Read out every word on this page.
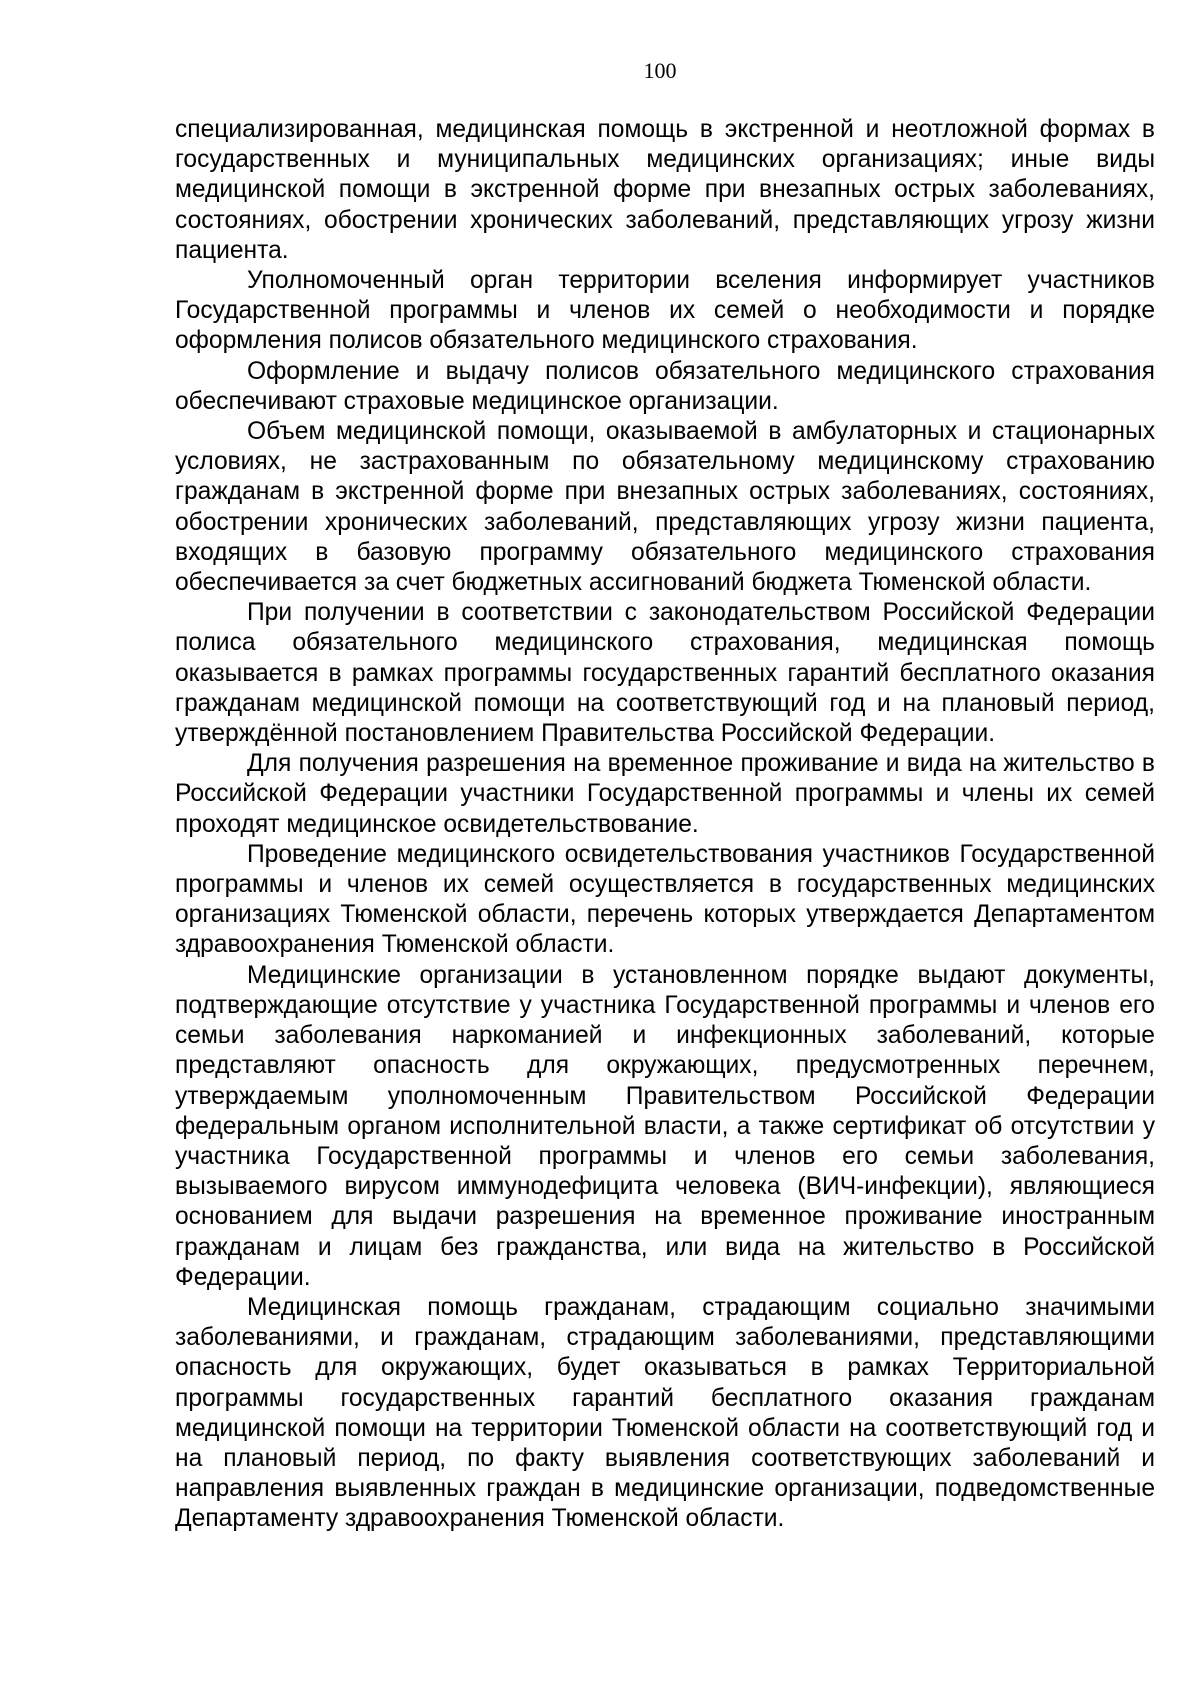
100

специализированная, медицинская помощь в экстренной и неотложной формах в государственных и муниципальных медицинских организациях; иные виды медицинской помощи в экстренной форме при внезапных острых заболеваниях, состояниях, обострении хронических заболеваний, представляющих угрозу жизни пациента.

Уполномоченный орган территории вселения информирует участников Государственной программы и членов их семей о необходимости и порядке оформления полисов обязательного медицинского страхования.

Оформление и выдачу полисов обязательного медицинского страхования обеспечивают страховые медицинское организации.

Объем медицинской помощи, оказываемой в амбулаторных и стационарных условиях, не застрахованным по обязательному медицинскому страхованию гражданам в экстренной форме при внезапных острых заболеваниях, состояниях, обострении хронических заболеваний, представляющих угрозу жизни пациента, входящих в базовую программу обязательного медицинского страхования обеспечивается за счет бюджетных ассигнований бюджета Тюменской области.

При получении в соответствии с законодательством Российской Федерации полиса обязательного медицинского страхования, медицинская помощь оказывается в рамках программы государственных гарантий бесплатного оказания гражданам медицинской помощи на соответствующий год и на плановый период, утверждённой постановлением Правительства Российской Федерации.

Для получения разрешения на временное проживание и вида на жительство в Российской Федерации участники Государственной программы и члены их семей проходят медицинское освидетельствование.

Проведение медицинского освидетельствования участников Государственной программы и членов их семей осуществляется в государственных медицинских организациях Тюменской области, перечень которых утверждается Департаментом здравоохранения Тюменской области.

Медицинские организации в установленном порядке выдают документы, подтверждающие отсутствие у участника Государственной программы и членов его семьи заболевания наркоманией и инфекционных заболеваний, которые представляют опасность для окружающих, предусмотренных перечнем, утверждаемым уполномоченным Правительством Российской Федерации федеральным органом исполнительной власти, а также сертификат об отсутствии у участника Государственной программы и членов его семьи заболевания, вызываемого вирусом иммунодефицита человека (ВИЧ-инфекции), являющиеся основанием для выдачи разрешения на временное проживание иностранным гражданам и лицам без гражданства, или вида на жительство в Российской Федерации.

Медицинская помощь гражданам, страдающим социально значимыми заболеваниями, и гражданам, страдающим заболеваниями, представляющими опасность для окружающих, будет оказываться в рамках Территориальной программы государственных гарантий бесплатного оказания гражданам медицинской помощи на территории Тюменской области на соответствующий год и на плановый период, по факту выявления соответствующих заболеваний и направления выявленных граждан в медицинские организации, подведомственные Департаменту здравоохранения Тюменской области.
